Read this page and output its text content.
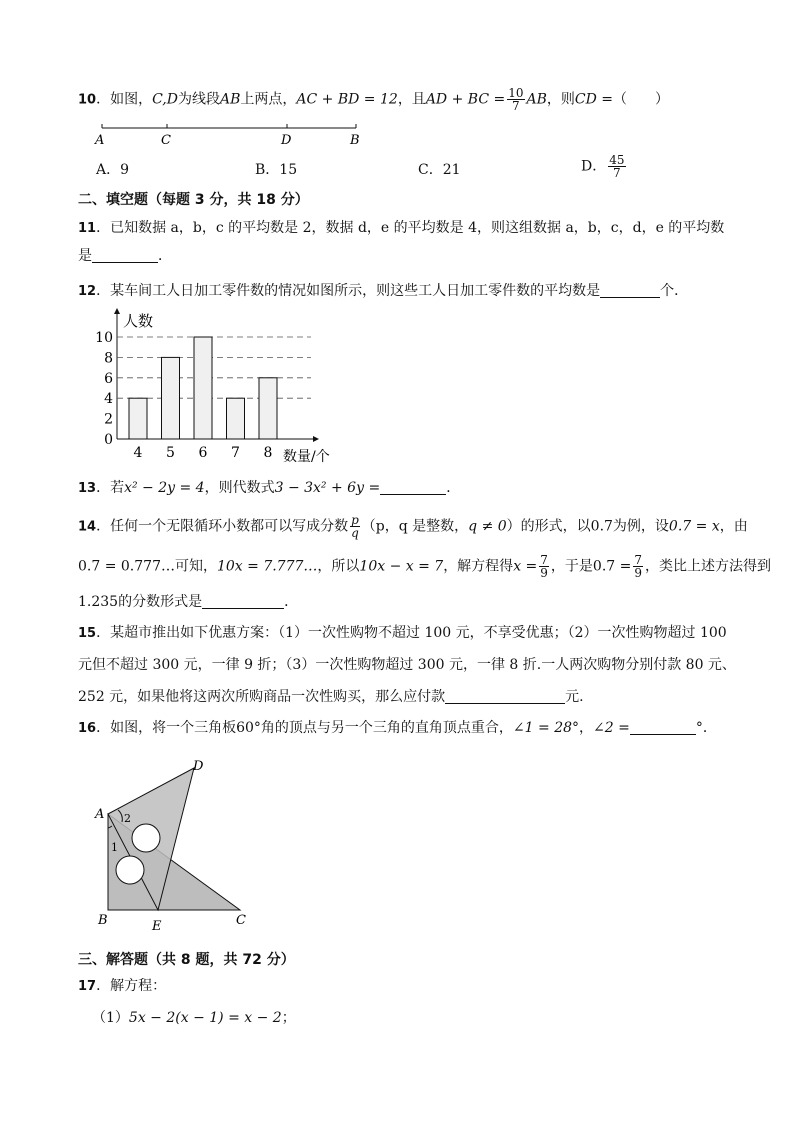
10．如图，C,D为线段AB上两点，AC + BD = 12，且AD + BC = $\frac{10}{7}$ AB，则CD =（　　）
A	C	D	B
A．9	B．15	C．21	D． $\frac{45}{7}$
二、填空题（每题 3 分，共 18 分）
11．已知数据 a，b，c 的平均数是 2，数据 d，e 的平均数是 4，则这组数据 a，b，c，d，e 的平均数
是	．
12．某车间工人日加工零件数的情况如图所示，则这些工人日加工零件数的平均数是	个．
0
2
4
6
8
10
4 5 6 7 8
人数
数量/个
13．若x² − 2y = 4，则代数式3 − 3x² + 6y =	．
14．任何一个无限循环小数都可以写成分数 $\frac{p}{q} (p$，q 是整数，q ≠ 0）的形式，以0.7为例，设0.7 = x，由
0.7 = 0.777…可知，10x = 7.777…，所以10x − x = 7，解方程得$x = \frac{7}{9}$ ，于是$0.7 = \frac{7}{9}$ ，类比上述方法得到
1.235的分数形式是	．
15．某超市推出如下优惠方案：（1）一次性购物不超过 100 元，不享受优惠；（2）一次性购物超过 100
元但不超过 300 元，一律 9 折；（3）一次性购物超过 300 元，一律 8 折.一人两次购物分别付款 80 元、
252 元，如果他将这两次所购商品一次性购买，那么应付款	元.
16．如图，将一个三角板60°角的顶点与另一个三角的直角顶点重合，∠1 = 28°，∠2 =	°．
A
B	C
D
E
1
2
三、解答题（共 8 题，共 72 分）
17．解方程：
（1）5x − 2(x − 1) = x − 2；
